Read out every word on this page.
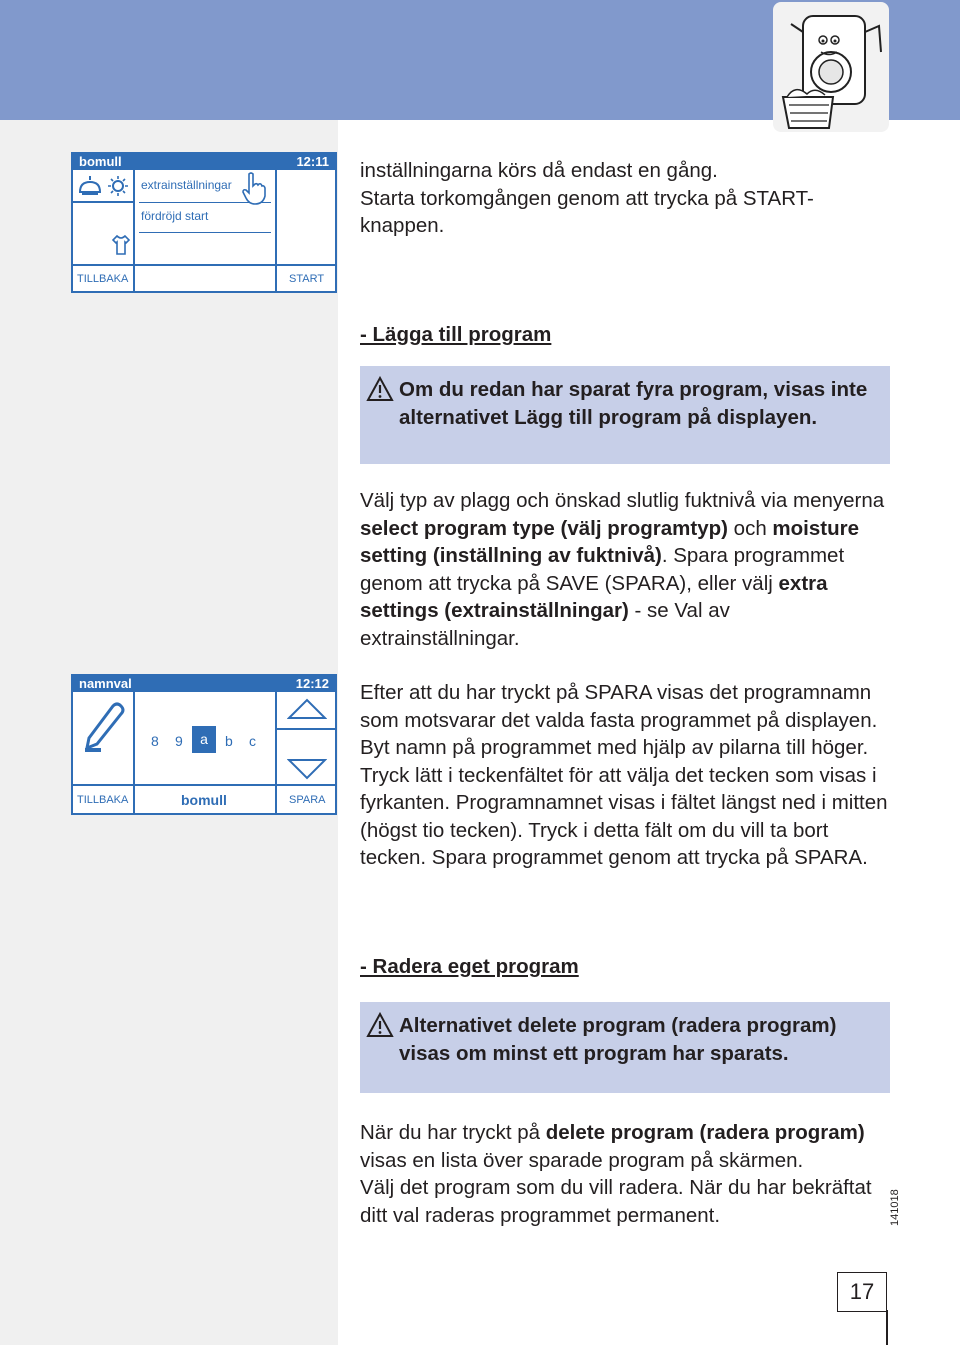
bomull	12:11
extrainställningar
fördröjd start
TILLBAKA	START
namnval	12:12
8 9	a	b c
TILLBAKA	bomull	SPARA

inställningarna körs då endast en gång.
Starta torkomgången genom att trycka på START-
knappen.

- Lägga till program

Om du redan har sparat fyra program, visas inte alternativet Lägg till program på displayen.

Välj typ av plagg och önskad slutlig fuktnivå via menyerna select program type (välj programtyp) och moisture setting (inställning av fuktnivå). Spara programmet genom att trycka på SAVE (SPARA), eller välj extra settings (extrainställningar) - se Val av extrainställningar.

Efter att du har tryckt på SPARA visas det programnamn som motsvarar det valda fasta programmet på displayen. Byt namn på programmet med hjälp av pilarna till höger. Tryck lätt i teckenfältet för att välja det tecken som visas i fyrkanten. Programnamnet visas i fältet längst ned i mitten (högst tio tecken). Tryck i detta fält om du vill ta bort tecken. Spara programmet genom att trycka på SPARA.

- Radera eget program

Alternativet delete program (radera program) visas om minst ett program har sparats.

När du har tryckt på delete program (radera program) visas en lista över sparade program på skärmen.
Välj det program som du vill radera. När du har bekräftat ditt val raderas programmet permanent.	141018
17
